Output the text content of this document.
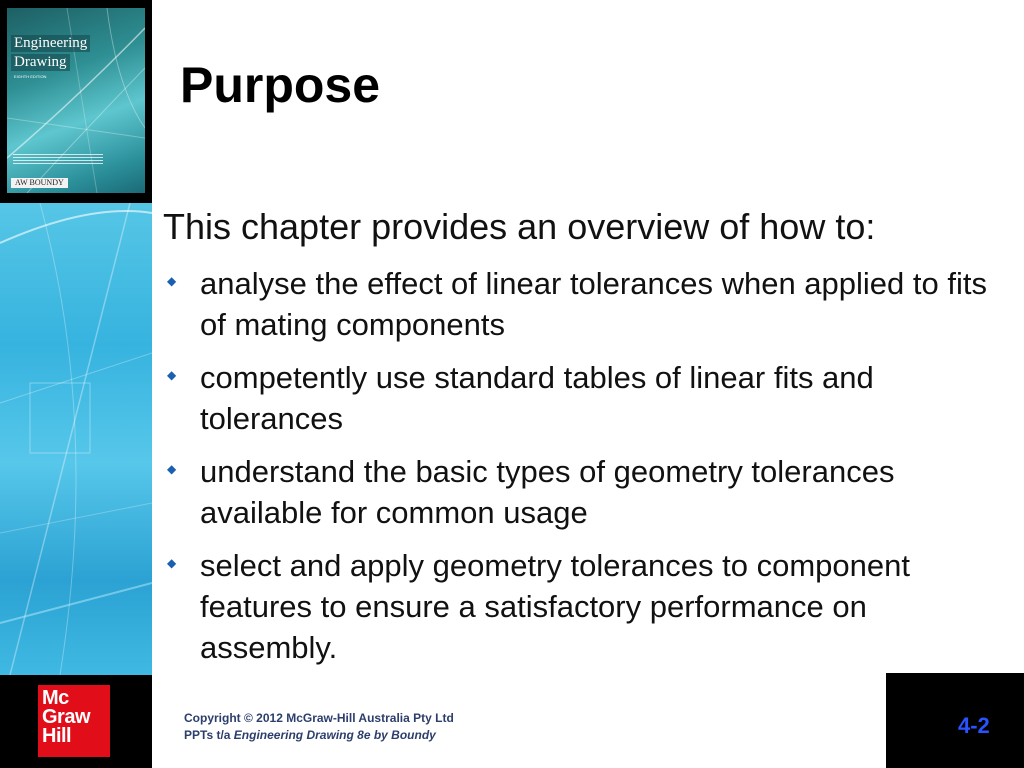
Engineering
Drawing
EIGHTH EDITION
AW BOUNDY
Purpose

This chapter provides an overview of how to:

◆ analyse the effect of linear tolerances when applied to fits of mating components
◆ competently use standard tables of linear fits and tolerances
◆ understand the basic types of geometry tolerances available for common usage
◆ select and apply geometry tolerances to component features to ensure a satisfactory performance on assembly.
Mc
Graw
Hill
Copyright © 2012 McGraw-Hill Australia Pty Ltd
PPTs t/a Engineering Drawing 8e by Boundy	4-2
